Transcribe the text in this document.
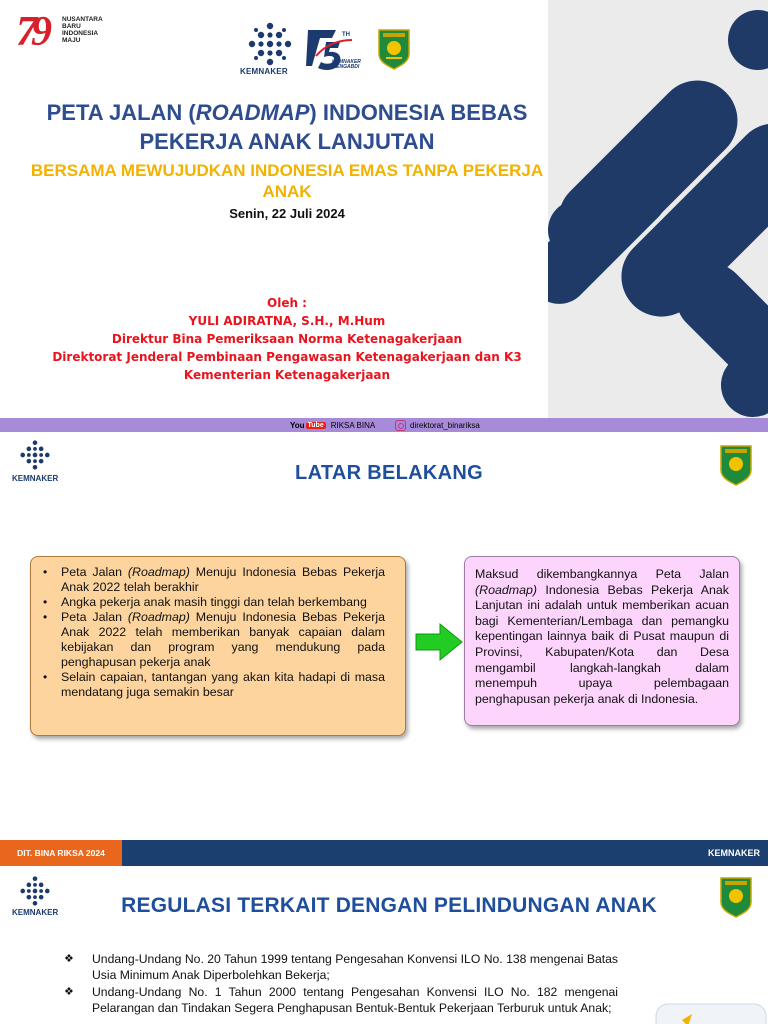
79 NUSANTARA
BARU
INDONESIA
MAJU
KEMNAKER
TH
KEMNAKER
MENGABDI
PETA JALAN (ROADMAP) INDONESIA BEBAS PEKERJA ANAK LANJUTAN
BERSAMA MEWUJUDKAN INDONESIA EMAS TANPA PEKERJA ANAK
Senin, 22 Juli 2024
Oleh :
YULI ADIRATNA, S.H., M.Hum
Direktur Bina Pemeriksaan Norma Ketenagakerjaan
Direktorat Jenderal Pembinaan Pengawasan Ketenagakerjaan dan K3
Kementerian Ketenagakerjaan
You Tube RIKSA BINA	direktorat_binariksa
KEMNAKER	LATAR BELAKANG
• Peta Jalan (Roadmap) Menuju Indonesia Bebas Pekerja Anak 2022 telah berakhir
• Angka pekerja anak masih tinggi dan telah berkembang
• Peta Jalan (Roadmap) Menuju Indonesia Bebas Pekerja Anak 2022 telah memberikan banyak capaian dalam kebijakan dan program yang mendukung pada penghapusan pekerja anak
• Selain capaian, tantangan yang akan kita hadapi di masa mendatang juga semakin besar

Maksud dikembangkannya Peta Jalan (Roadmap) Indonesia Bebas Pekerja Anak Lanjutan ini adalah untuk memberikan acuan bagi Kementerian/Lembaga dan pemangku kepentingan lainnya baik di Pusat maupun di Provinsi, Kabupaten/Kota dan Desa mengambil langkah-langkah dalam menempuh upaya pelembagaan penghapusan pekerja anak di Indonesia.

DIT. BINA RIKSA 2024	KEMNAKER
KEMNAKER	REGULASI TERKAIT DENGAN PELINDUNGAN ANAK
❖ Undang-Undang No. 20 Tahun 1999 tentang Pengesahan Konvensi ILO No. 138 mengenai Batas Usia Minimum Anak Diperbolehkan Bekerja;
❖ Undang-Undang No. 1 Tahun 2000 tentang Pengesahan Konvensi ILO No. 182 mengenai Pelarangan dan Tindakan Segera Penghapusan Bentuk-Bentuk Pekerjaan Terburuk untuk Anak;
